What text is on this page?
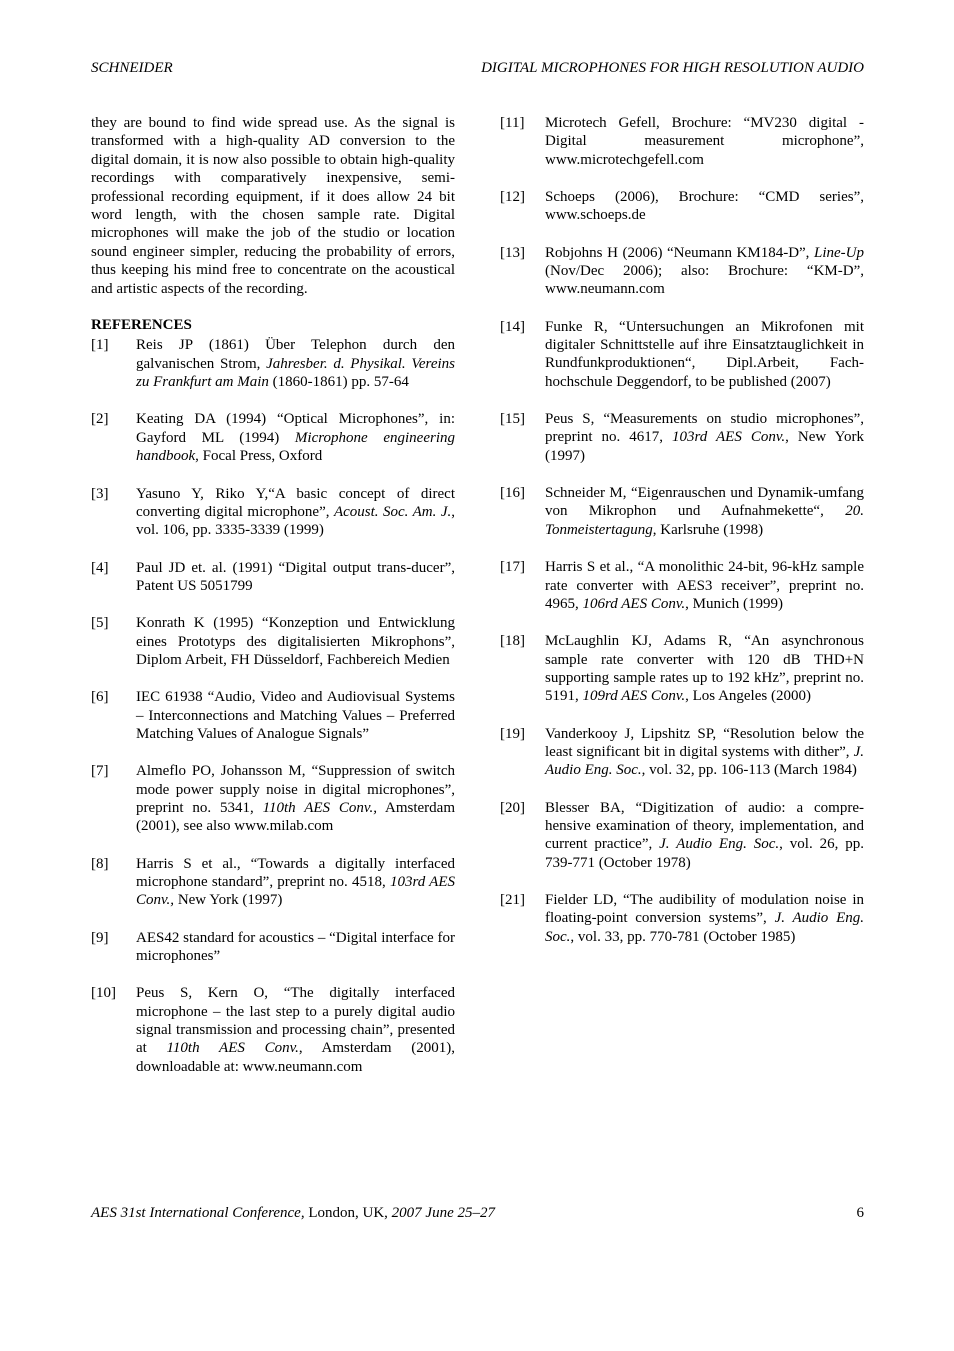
SCHNEIDER	DIGITAL MICROPHONES FOR HIGH RESOLUTION AUDIO

they are bound to find wide spread use. As the signal is transformed with a high-quality AD conversion to the digital domain, it is now also possible to obtain high-quality recordings with comparatively inexpensive, semi-professional recording equipment, if it does allow 24 bit word length, with the chosen sample rate. Digital microphones will make the job of the studio or location sound engineer simpler, reducing the probability of errors, thus keeping his mind free to concentrate on the acoustical and artistic aspects of the recording.

REFERENCES
[1]	Reis JP (1861) Über Telephon durch den galvanischen Strom, Jahresber. d. Physikal. Vereins zu Frankfurt am Main (1860-1861) pp. 57-64
[2]	Keating DA (1994) “Optical Microphones”, in: Gayford ML (1994) Microphone engineering handbook, Focal Press, Oxford
[3]	Yasuno Y, Riko Y,“A basic concept of direct converting digital microphone”, Acoust. Soc. Am. J., vol. 106, pp. 3335-3339 (1999)
[4]	Paul JD et. al. (1991) “Digital output trans-ducer”, Patent US 5051799
[5]	Konrath K (1995) “Konzeption und Entwicklung eines Prototyps des digitalisierten Mikrophons”, Diplom Arbeit, FH Düsseldorf, Fachbereich Medien
[6]	IEC 61938 “Audio, Video and Audiovisual Systems – Interconnections and Matching Values – Preferred Matching Values of Analogue Signals”
[7]	Almeflo PO, Johansson M, “Suppression of switch mode power supply noise in digital microphones”, preprint no. 5341, 110th AES Conv., Amsterdam (2001), see also www.milab.com
[8]	Harris S et al., “Towards a digitally interfaced microphone standard”, preprint no. 4518, 103rd AES Conv., New York (1997)
[9]	AES42 standard for acoustics – “Digital interface for microphones”
[10]	Peus S, Kern O, “The digitally interfaced microphone – the last step to a purely digital audio signal transmission and processing chain”, presented at 110th AES Conv., Amsterdam (2001), downloadable at: www.neumann.com
[11]	Microtech Gefell, Brochure: “MV230 digital - Digital measurement microphone”, www.microtechgefell.com
[12]	Schoeps (2006), Brochure: “CMD series”, www.schoeps.de
[13]	Robjohns H (2006) “Neumann KM184-D”, Line-Up (Nov/Dec 2006); also: Brochure: “KM-D”, www.neumann.com
[14]	Funke R, “Untersuchungen an Mikrofonen mit digitaler Schnittstelle auf ihre Einsatztauglichkeit in Rundfunkproduktionen“, Dipl.Arbeit, Fach-hochschule Deggendorf, to be published (2007)
[15]	Peus S, “Measurements on studio microphones”, preprint no. 4617, 103rd AES Conv., New York (1997)
[16]	Schneider M, “Eigenrauschen und Dynamik-umfang von Mikrophon und Aufnahmekette“, 20. Tonmeistertagung, Karlsruhe (1998)
[17]	Harris S et al., “A monolithic 24-bit, 96-kHz sample rate converter with AES3 receiver”, preprint no. 4965, 106rd AES Conv., Munich (1999)
[18]	McLaughlin KJ, Adams R, “An asynchronous sample rate converter with 120 dB THD+N supporting sample rates up to 192 kHz”, preprint no. 5191, 109rd AES Conv., Los Angeles (2000)
[19]	Vanderkooy J, Lipshitz SP, “Resolution below the least significant bit in digital systems with dither”, J. Audio Eng. Soc., vol. 32, pp. 106-113 (March 1984)
[20]	Blesser BA, “Digitization of audio: a compre-hensive examination of theory, implementation, and current practice”, J. Audio Eng. Soc., vol. 26, pp. 739-771 (October 1978)
[21]	Fielder LD, “The audibility of modulation noise in floating-point conversion systems”, J. Audio Eng. Soc., vol. 33, pp. 770-781 (October 1985)
AES 31st International Conference, London, UK, 2007 June 25–27	6
